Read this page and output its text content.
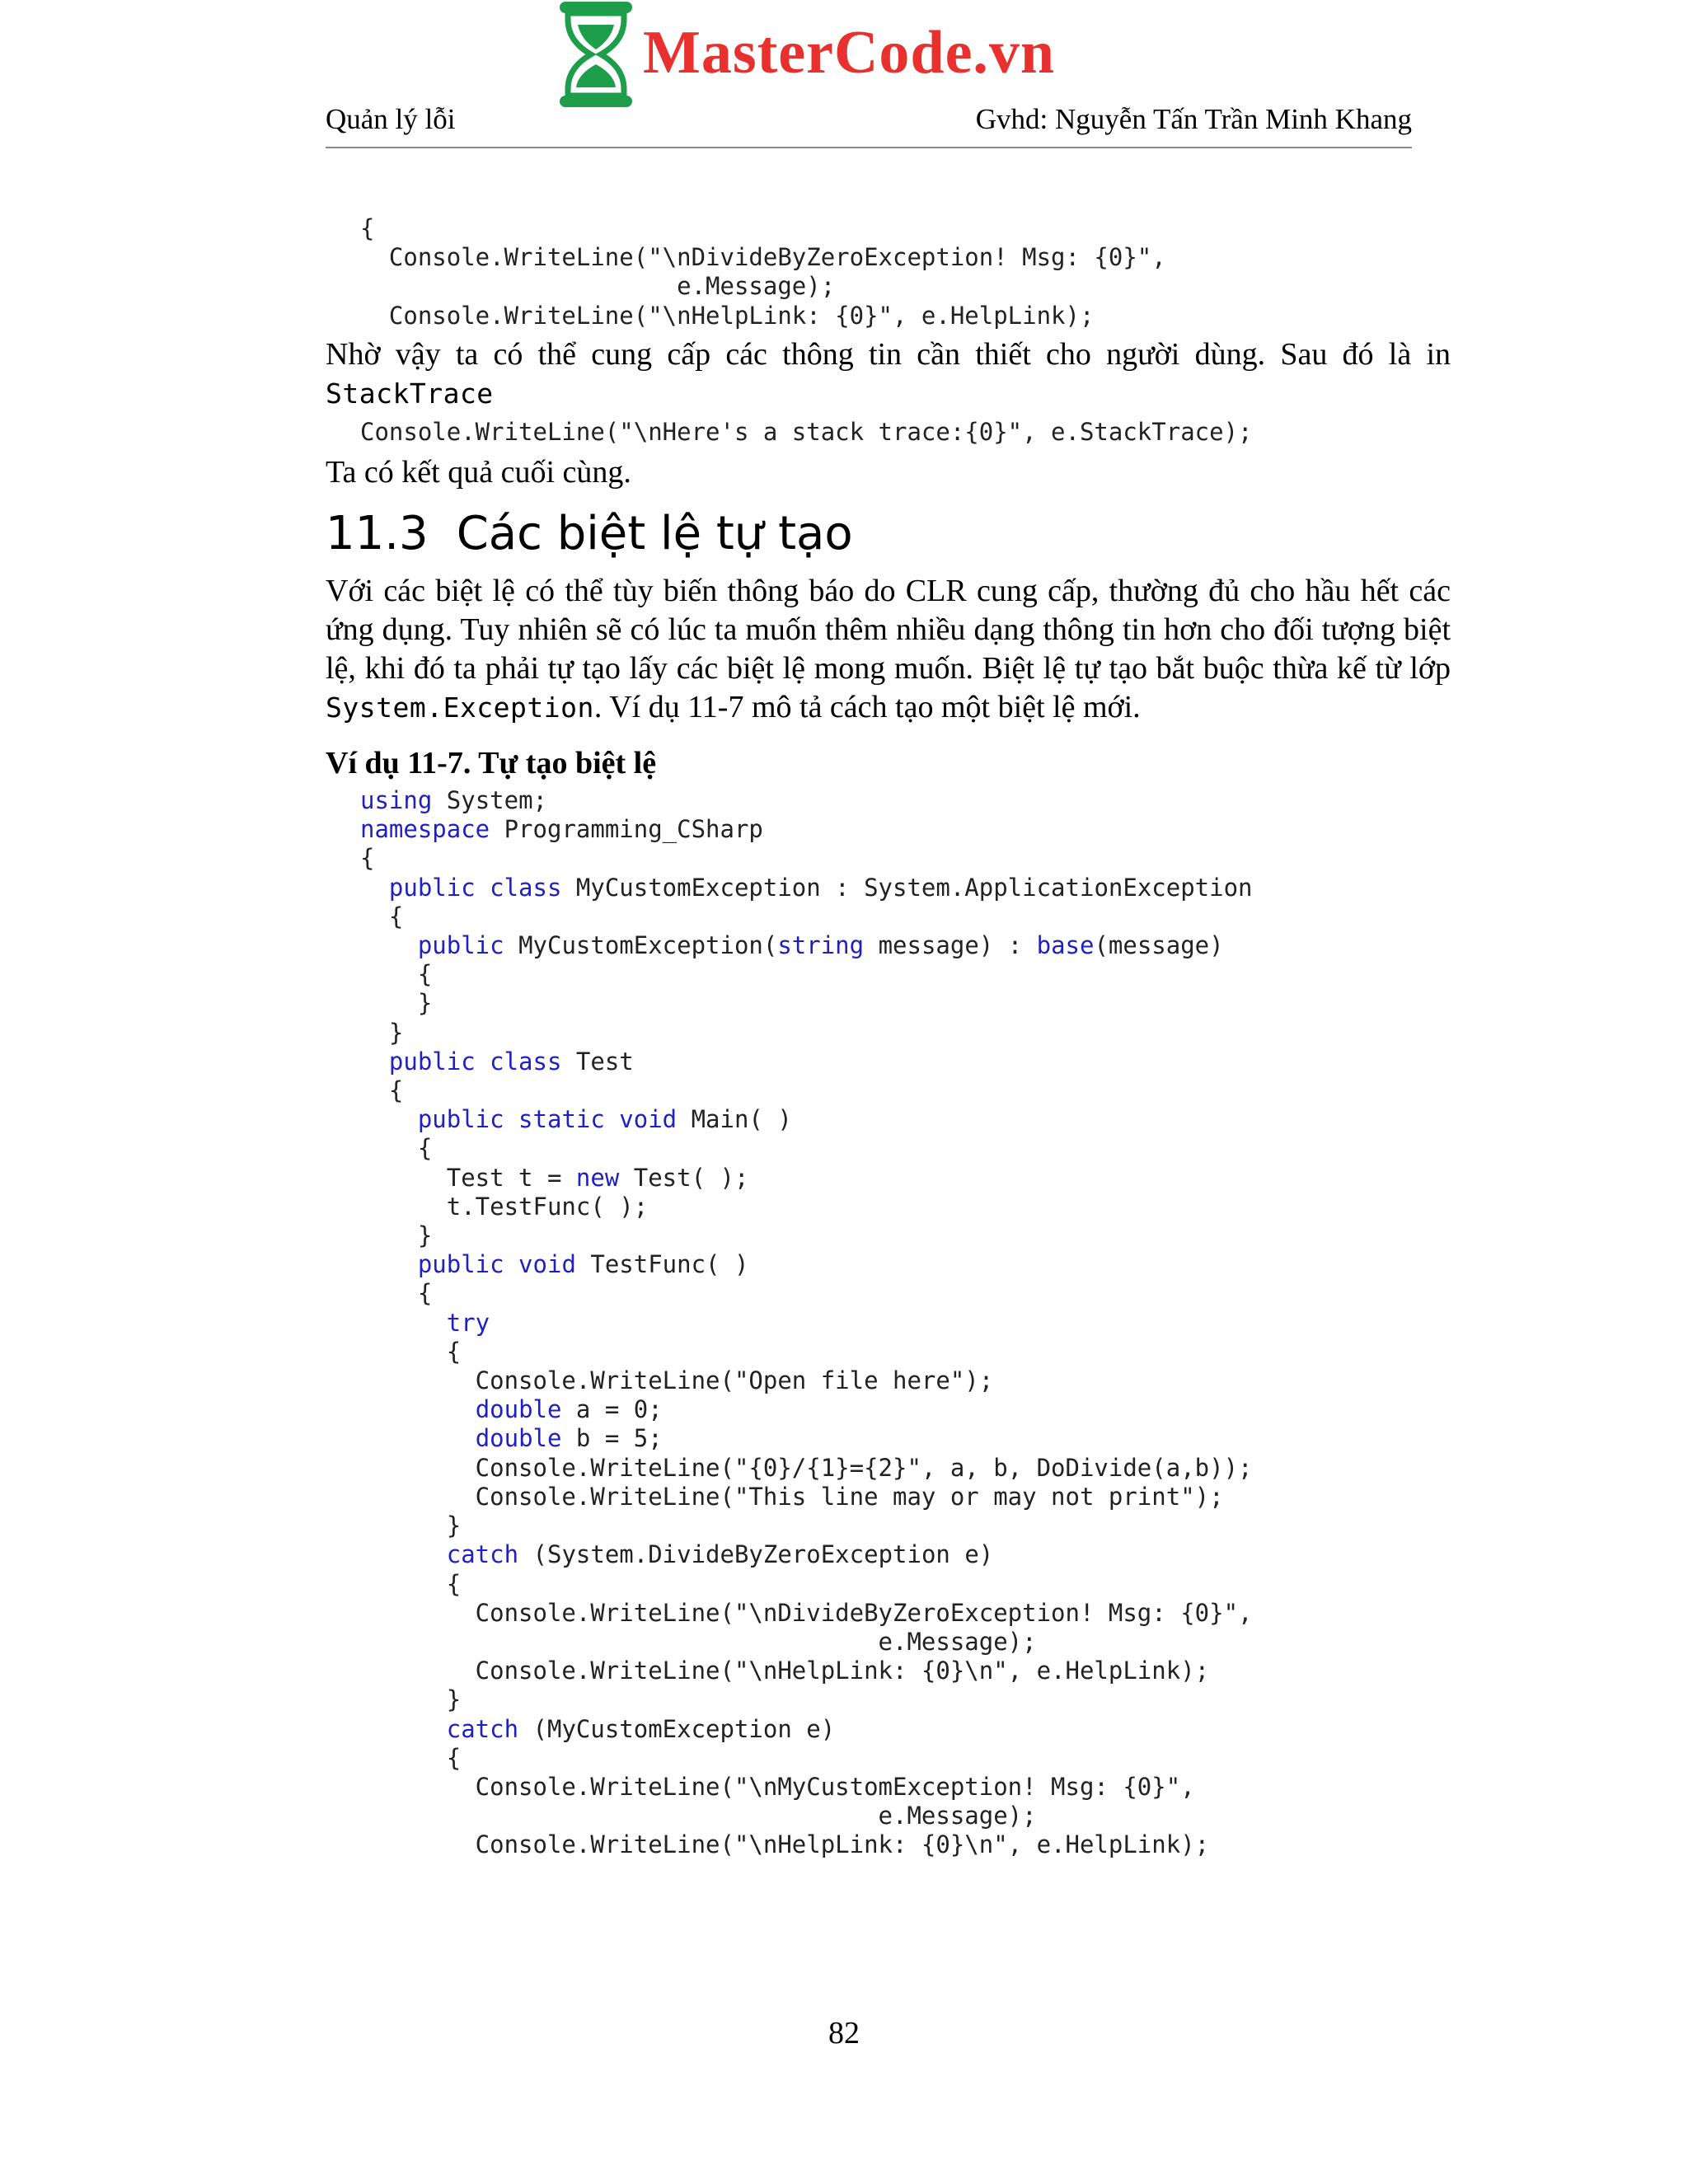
MasterCode.vn
Quản lý lỗi	Gvhd: Nguyễn Tấn Trần Minh Khang
{
Console.WriteLine("\nDivideByZeroException! Msg: {0}",
e.Message);
Console.WriteLine("\nHelpLink: {0}", e.HelpLink);

Nhờ vậy ta có thể cung cấp các thông tin cần thiết cho người dùng. Sau đó là in StackTrace

Console.WriteLine("\nHere's a stack trace:{0}", e.StackTrace);

Ta có kết quả cuối cùng.

11.3 Các biệt lệ tự tạo

Với các biệt lệ có thể tùy biến thông báo do CLR cung cấp, thường đủ cho hầu hết các ứng dụng. Tuy nhiên sẽ có lúc ta muốn thêm nhiều dạng thông tin hơn cho đối tượng biệt lệ, khi đó ta phải tự tạo lấy các biệt lệ mong muốn. Biệt lệ tự tạo bắt buộc thừa kế từ lớp System.Exception. Ví dụ 11-7 mô tả cách tạo một biệt lệ mới.

Ví dụ 11-7. Tự tạo biệt lệ
using System;
namespace Programming_CSharp
{
public class MyCustomException : System.ApplicationException
{
public MyCustomException(string message) : base(message)
{
}
}
public class Test
{
public static void Main( )
{
Test t = new Test( );
t.TestFunc( );
}
public void TestFunc( )
{
try
{
Console.WriteLine("Open file here");
double a = 0;
double b = 5;
Console.WriteLine("{0}/{1}={2}", a, b, DoDivide(a,b));
Console.WriteLine("This line may or may not print");
}
catch (System.DivideByZeroException e)
{
Console.WriteLine("\nDivideByZeroException! Msg: {0}",
e.Message);
Console.WriteLine("\nHelpLink: {0}\n", e.HelpLink);
}
catch (MyCustomException e)
{
Console.WriteLine("\nMyCustomException! Msg: {0}",
e.Message);
Console.WriteLine("\nHelpLink: {0}\n", e.HelpLink);

82
